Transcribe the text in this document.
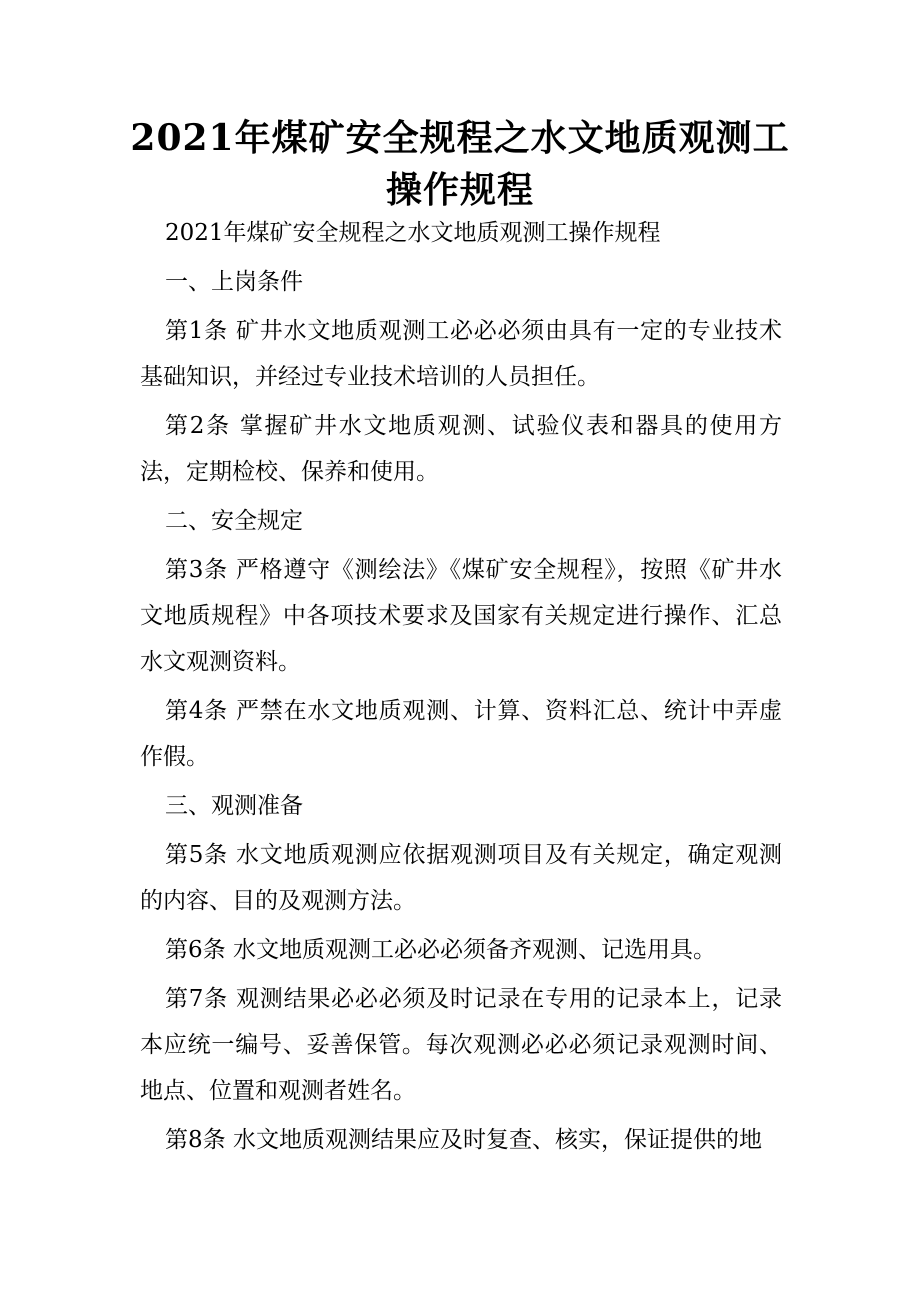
2021年煤矿安全规程之水文地质观测工操作规程

2021年煤矿安全规程之水文地质观测工操作规程

一、上岗条件

第1条 矿井水文地质观测工必必必须由具有一定的专业技术基础知识，并经过专业技术培训的人员担任。

第2条 掌握矿井水文地质观测、试验仪表和器具的使用方法，定期检校、保养和使用。

二、安全规定

第3条 严格遵守《测绘法》《煤矿安全规程》，按照《矿井水文地质规程》中各项技术要求及国家有关规定进行操作、汇总水文观测资料。

第4条 严禁在水文地质观测、计算、资料汇总、统计中弄虚作假。

三、观测准备

第5条 水文地质观测应依据观测项目及有关规定，确定观测的内容、目的及观测方法。

第6条 水文地质观测工必必必须备齐观测、记选用具。

第7条 观测结果必必必须及时记录在专用的记录本上，记录本应统一编号、妥善保管。每次观测必必必须记录观测时间、地点、位置和观测者姓名。

第8条 水文地质观测结果应及时复查、核实，保证提供的地
